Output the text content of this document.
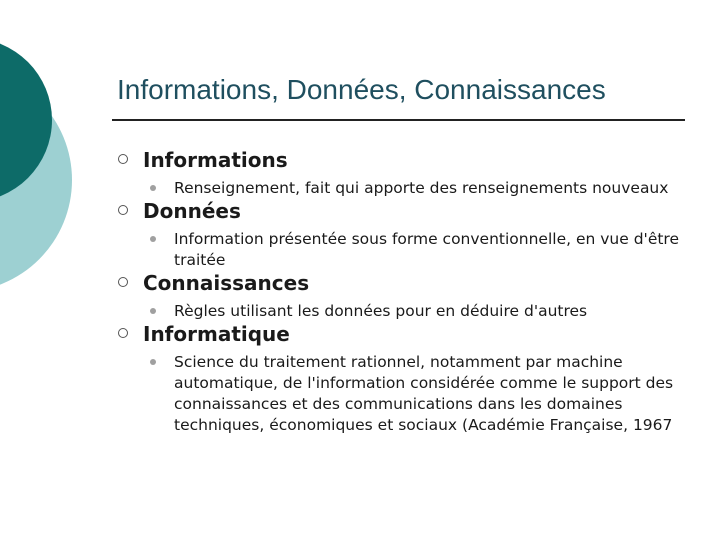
Informations, Données, Connaissances
Informations
Renseignement, fait qui apporte des renseignements nouveaux
Données
Information présentée sous forme conventionnelle, en vue d'être traitée
Connaissances
Règles utilisant les données pour en déduire d'autres
Informatique
Science du traitement rationnel, notamment par machine automatique, de l'information considérée comme le support des connaissances et des communications dans les domaines techniques, économiques et sociaux (Académie Française, 1967
